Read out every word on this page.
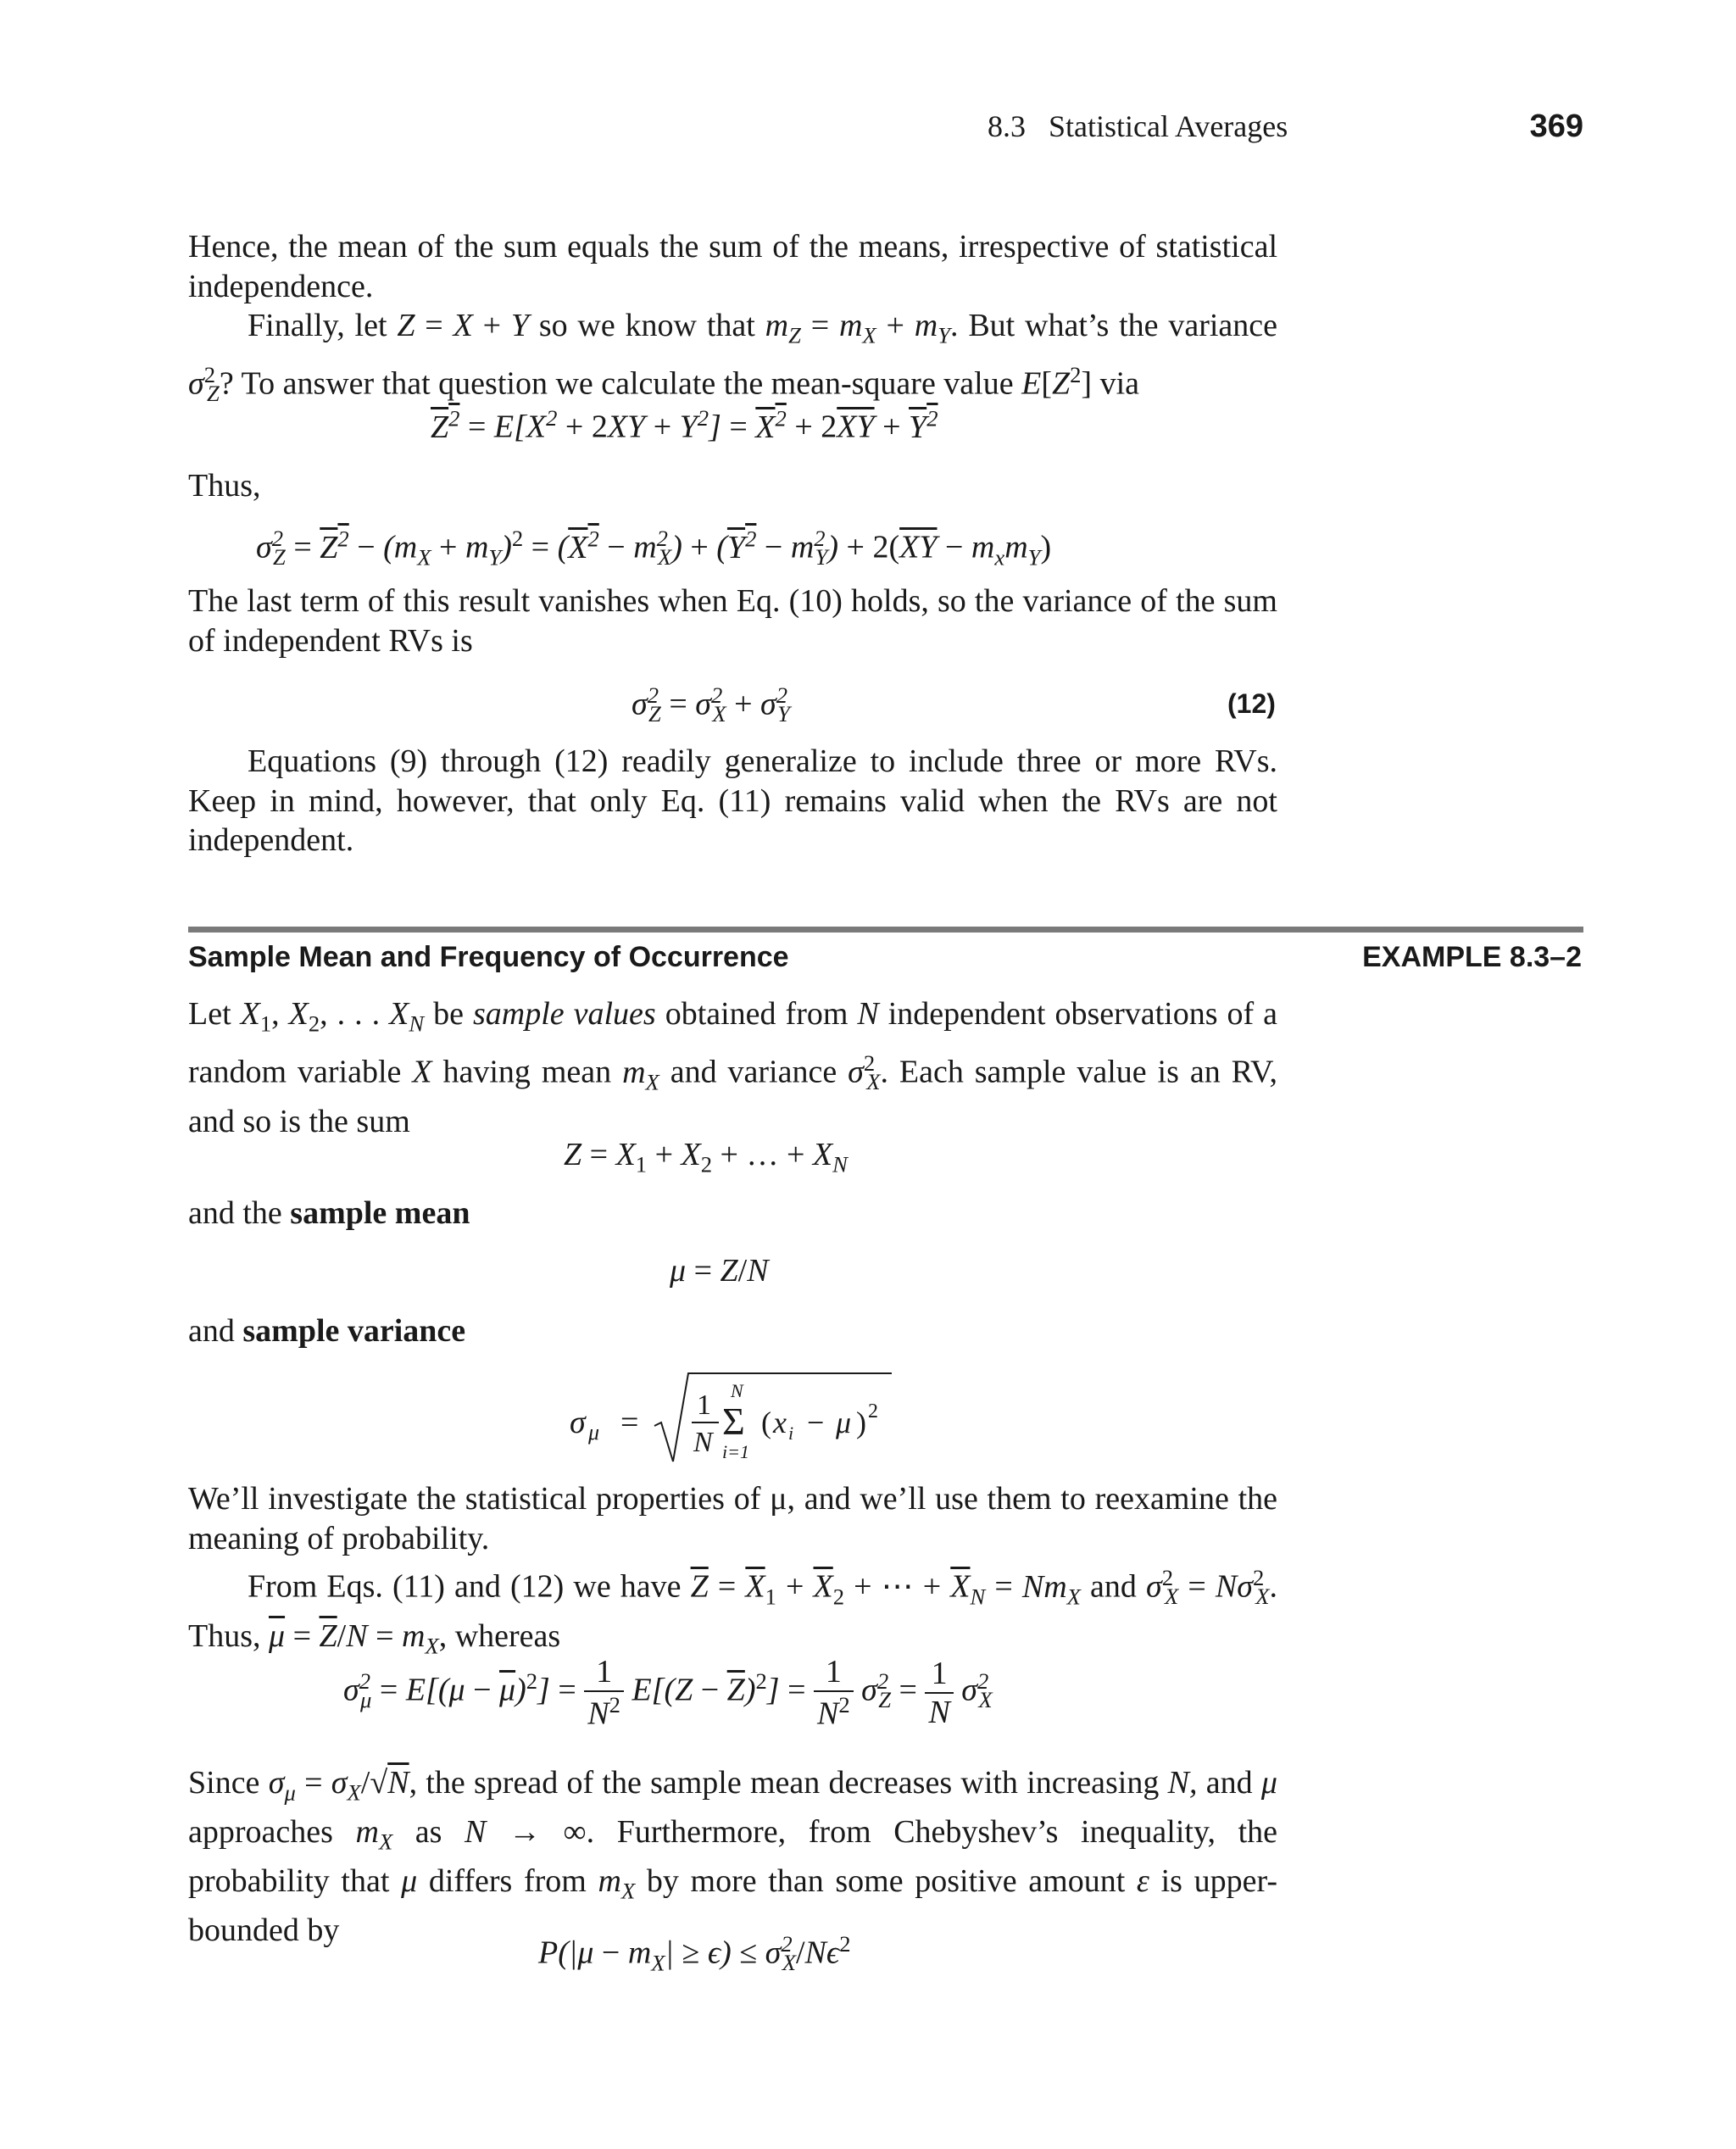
8.3   Statistical Averages	369

Hence, the mean of the sum equals the sum of the means, irrespective of statistical independence.

Finally, let Z = X + Y so we know that $m_Z = m_X + m_Y$. But what’s the variance $\sigma^2_Z$? To answer that question we calculate the mean-square value $E[Z^2]$ via

$Z^2 = E[X^2 + 2XY + Y^2] = X^2 + 2\overline{XY} + Y^2$

Thus,

$\sigma^2_Z = Z^2 - (m_X + m_Y)^2 = (X^2 - m^2_X) + (Y^2 - m^2_Y) + 2(\overline{XY} - m_xm_Y)$

The last term of this result vanishes when Eq. (10) holds, so the variance of the sum of independent RVs is

$\sigma^2_Z = \sigma^2_X + \sigma^2_Y$	(12)

Equations (9) through (12) readily generalize to include three or more RVs. Keep in mind, however, that only Eq. (11) remains valid when the RVs are not independent.

Sample Mean and Frequency of Occurrence	EXAMPLE 8.3–2

Let $X_1$, $X_2$, . . . $X_N$ be sample values obtained from N independent observations of a random variable X having mean $m_X$ and variance $\sigma^2_X$. Each sample value is an RV, and so is the sum

$Z = X_1 + X_2$ + … + $X_N$

and the sample mean

μ = Z/N

and sample variance

σ μ = 1
N
N
Σ
i=1
( x i − μ ) 2

We’ll investigate the statistical properties of μ, and we’ll use them to reexamine the meaning of probability.

From Eqs. (11) and (12) we have $\overline{Z} = \overline{X}_1 + \overline{X}_2$ + ⋯ + $\overline{X}_N = Nm_X$ and $\sigma^2_X = N\sigma^2_X$. Thus, $\overline{\mu} = \overline{Z}/N = m_X$, whereas

$\sigma^2_\mu = E[(\mu - \overline{\mu})^2] = \frac{1}{N^2} E[(Z - \overline{Z})^2] = \frac{1}{N^2} \sigma^2_Z = \frac{1}{N} \sigma^2_X$

Since $\sigma_\mu = \sigma_X/√N$, the spread of the sample mean decreases with increasing N, and μ approaches $m_X$ as N → ∞. Furthermore, from Chebyshev’s inequality, the probability that μ differs from $m_X$ by more than some positive amount ε is upper-bounded by

$P(|\mu - m_X| \ge \epsilon) \le \sigma^2_X/N\epsilon^2$
